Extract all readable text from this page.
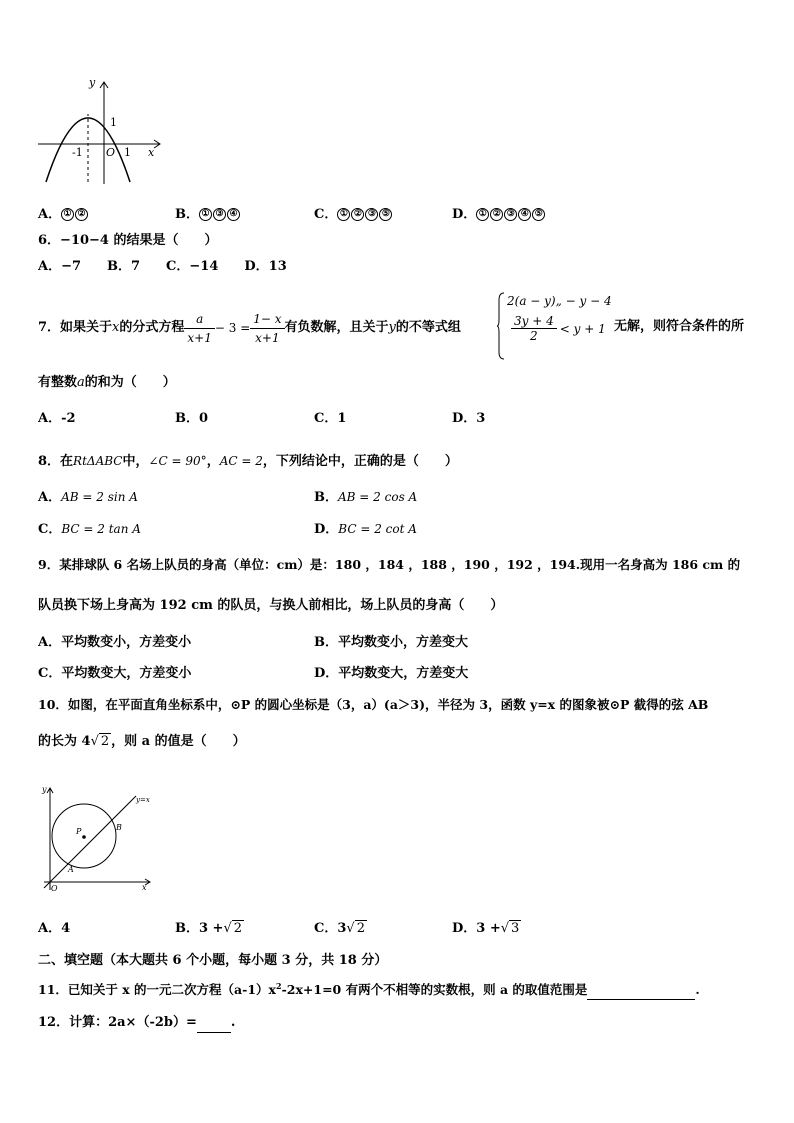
y
x
-1 O 1
1
A． ① ②	B． ① ③ ④	C． ① ② ③ ⑤	D． ① ② ③ ④ ⑤
6．−10−4 的结果是（　　）
A．−7　　B．7　　C．−14　　D．13
7．如果关于 x 的分式方程 $\frac{a}{x+1} - 3 = \frac{1- x}{x+1}$ 有负数解，且关于 y 的不等式组
2(a − y)„ − y − 4
$\frac{3y + 4}{2} < y + 1$ 无解，则符合条件的所
有整数a的和为（　　）
A．-2	B．0	C．1	D．3
8．在RtΔABC中，∠C = 90°，AC = 2，下列结论中，正确的是（　　）
A．AB = 2 sin A	B．AB = 2 cos A
C．BC = 2 tan A	D．BC = 2 cot A
9．某排球队 6 名场上队员的身高（单位：cm）是：180 ，184 ，188 ，190 ，192 ，194.现用一名身高为 186 cm 的
队员换下场上身高为 192 cm 的队员，与换人前相比，场上队员的身高（　　）
A．平均数变小，方差变小	B．平均数变小，方差变大
C．平均数变大，方差变小	D．平均数变大，方差变大
10．如图，在平面直角坐标系中，⊙P 的圆心坐标是（3，a）(a＞3)，半径为 3，函数 y=x 的图象被⊙P 截得的弦 AB
的长为 4√ 2 ，则 a 的值是（　　）
y
x
O
A
B
P
y=x
A．4	B．3 +√ 2	C．3√ 2	D．3 +√ 3
二、填空题（本大题共 6 个小题，每小题 3 分，共 18 分）
11．已知关于 x 的一元二次方程$(a-1)x^2-2x+1=0$ 有两个不相等的实数根，则 a 的取值范围是	.
12．计算：2a×（-2b）=	.
